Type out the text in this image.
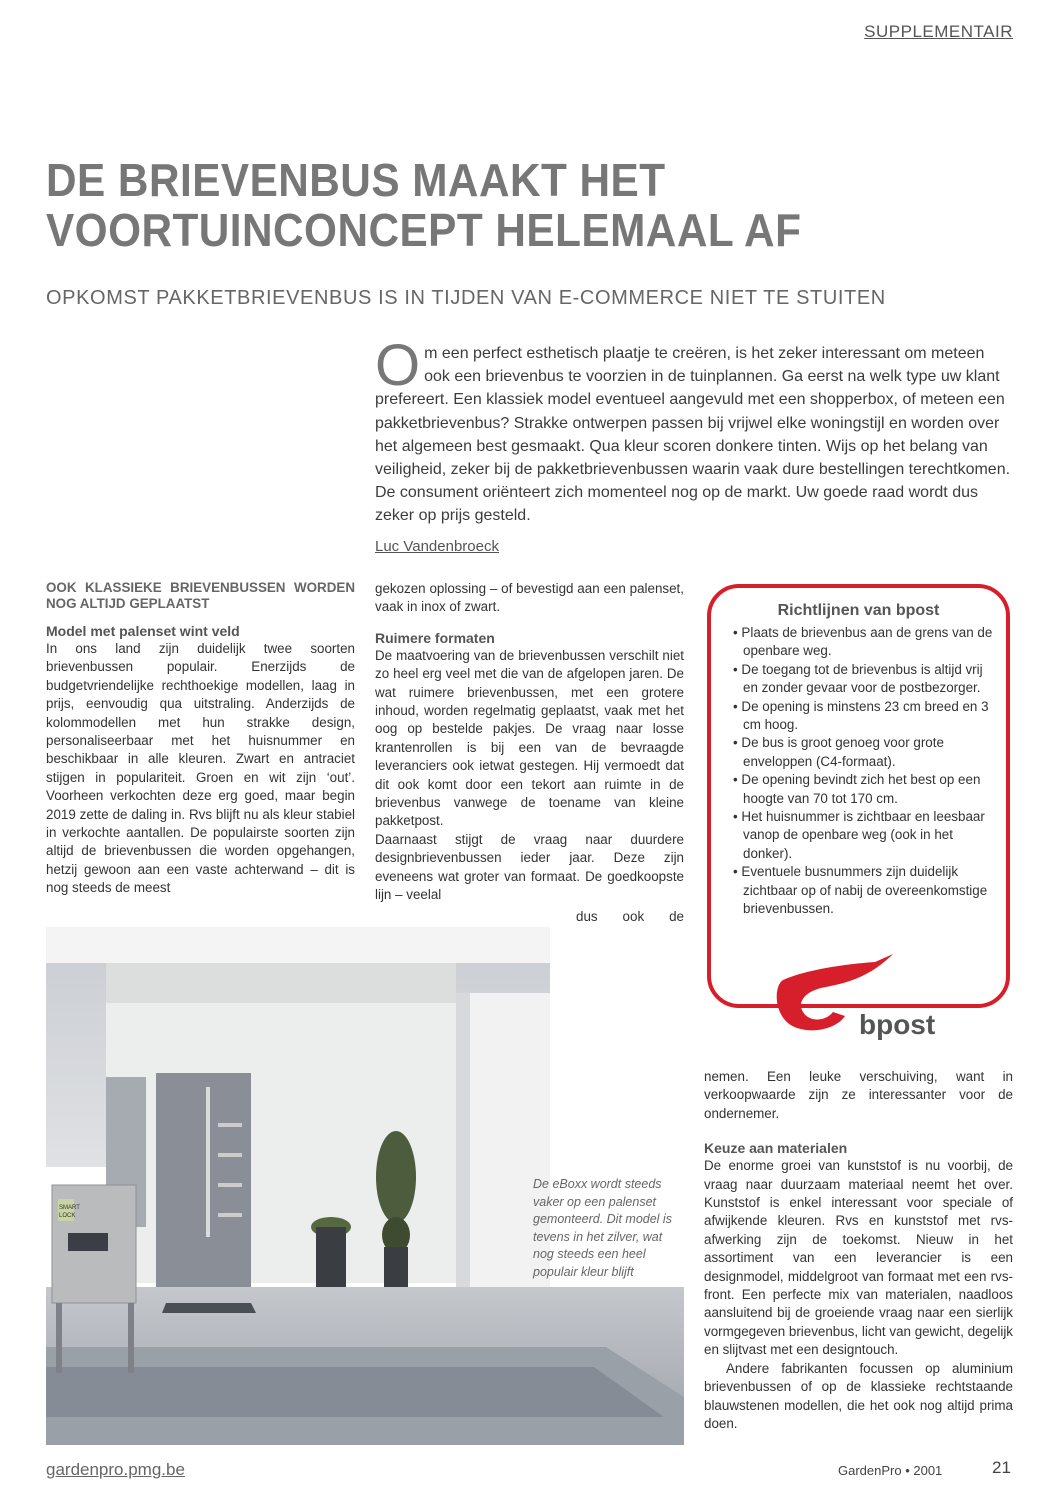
SUPPLEMENTAIR
DE BRIEVENBUS MAAKT HET
VOORTUINCONCEPT HELEMAAL AF
OPKOMST PAKKETBRIEVENBUS IS IN TIJDEN VAN E-COMMERCE NIET TE STUITEN

Om een perfect esthetisch plaatje te creëren, is het zeker interessant om meteen ook een brievenbus te voorzien in de tuinplannen. Ga eerst na welk type uw klant prefereert. Een klassiek model eventueel aangevuld met een shopperbox, of meteen een pakketbrievenbus? Strakke ontwerpen passen bij vrijwel elke woningstijl en worden over het algemeen best gesmaakt. Qua kleur scoren donkere tinten. Wijs op het belang van veiligheid, zeker bij de pakketbrievenbussen waarin vaak dure bestellingen terechtkomen. De consument oriënteert zich momenteel nog op de markt. Uw goede raad wordt dus zeker op prijs gesteld.

Luc Vandenbroeck
OOK KLASSIEKE BRIEVENBUSSEN WORDEN NOG ALTIJD GEPLAATST
Model met palenset wint veld

In ons land zijn duidelijk twee soorten brievenbussen populair. Enerzijds de budgetvriendelijke rechthoekige modellen, laag in prijs, eenvoudig qua uitstraling. Anderzijds de kolommodellen met hun strakke design, personaliseerbaar met het huisnummer en beschikbaar in alle kleuren. Zwart en antraciet stijgen in populariteit. Groen en wit zijn ‘out’. Voorheen verkochten deze erg goed, maar begin 2019 zette de daling in. Rvs blijft nu als kleur stabiel in verkochte aantallen. De populairste soorten zijn altijd de brievenbussen die worden opgehangen, hetzij gewoon aan een vaste achterwand – dit is nog steeds de meest

gekozen oplossing – of bevestigd aan een palenset, vaak in inox of zwart.

Ruimere formaten

De maatvoering van de brievenbussen verschilt niet zo heel erg veel met die van de afgelopen jaren. De wat ruimere brievenbussen, met een grotere inhoud, worden regelmatig geplaatst, vaak met het oog op bestelde pakjes. De vraag naar losse krantenrollen is bij een van de bevraagde leveranciers ook ietwat gestegen. Hij vermoedt dat dit ook komt door een tekort aan ruimte in de brievenbus vanwege de toename van kleine pakketpost.

Daarnaast stijgt de vraag naar duurdere designbrievenbussen ieder jaar. Deze zijn eveneens wat groter van formaat. De goedkoopste lijn – veelal

dus ook de

Richtlijnen van bpost
• Plaats de brievenbus aan de grens van de openbare weg.
• De toegang tot de brievenbus is altijd vrij en zonder gevaar voor de postbezorger.
• De opening is minstens 23 cm breed en 3 cm hoog.
• De bus is groot genoeg voor grote enveloppen (C4-formaat).
• De opening bevindt zich het best op een hoogte van 70 tot 170 cm.
• Het huisnummer is zichtbaar en leesbaar vanop de openbare weg (ook in het donker).
• Eventuele busnummers zijn duidelijk zichtbaar op of nabij de overeenkomstige brievenbussen.
bpost

nemen. Een leuke verschuiving, want in verkoopwaarde zijn ze interessanter voor de ondernemer.

Keuze aan materialen

De enorme groei van kunststof is nu voorbij, de vraag naar duurzaam materiaal neemt het over. Kunststof is enkel interessant voor speciale of afwijkende kleuren. Rvs en kunststof met rvs-afwerking zijn de toekomst. Nieuw in het assortiment van een leverancier is een designmodel, middelgroot van formaat met een rvs-front. Een perfecte mix van materialen, naadloos aansluitend bij de groeiende vraag naar een sierlijk vormgegeven brievenbus, licht van gewicht, degelijk en slijtvast met een designtouch.

Andere fabrikanten focussen op aluminium brievenbussen of op de klassieke rechtstaande blauwstenen modellen, die het ook nog altijd prima doen.

SMART
LOCK
De eBoxx wordt steeds vaker op een palenset gemonteerd. Dit model is tevens in het zilver, wat nog steeds een heel populair kleur blijft
gardenpro.pmg.be	GardenPro • 2001	21
